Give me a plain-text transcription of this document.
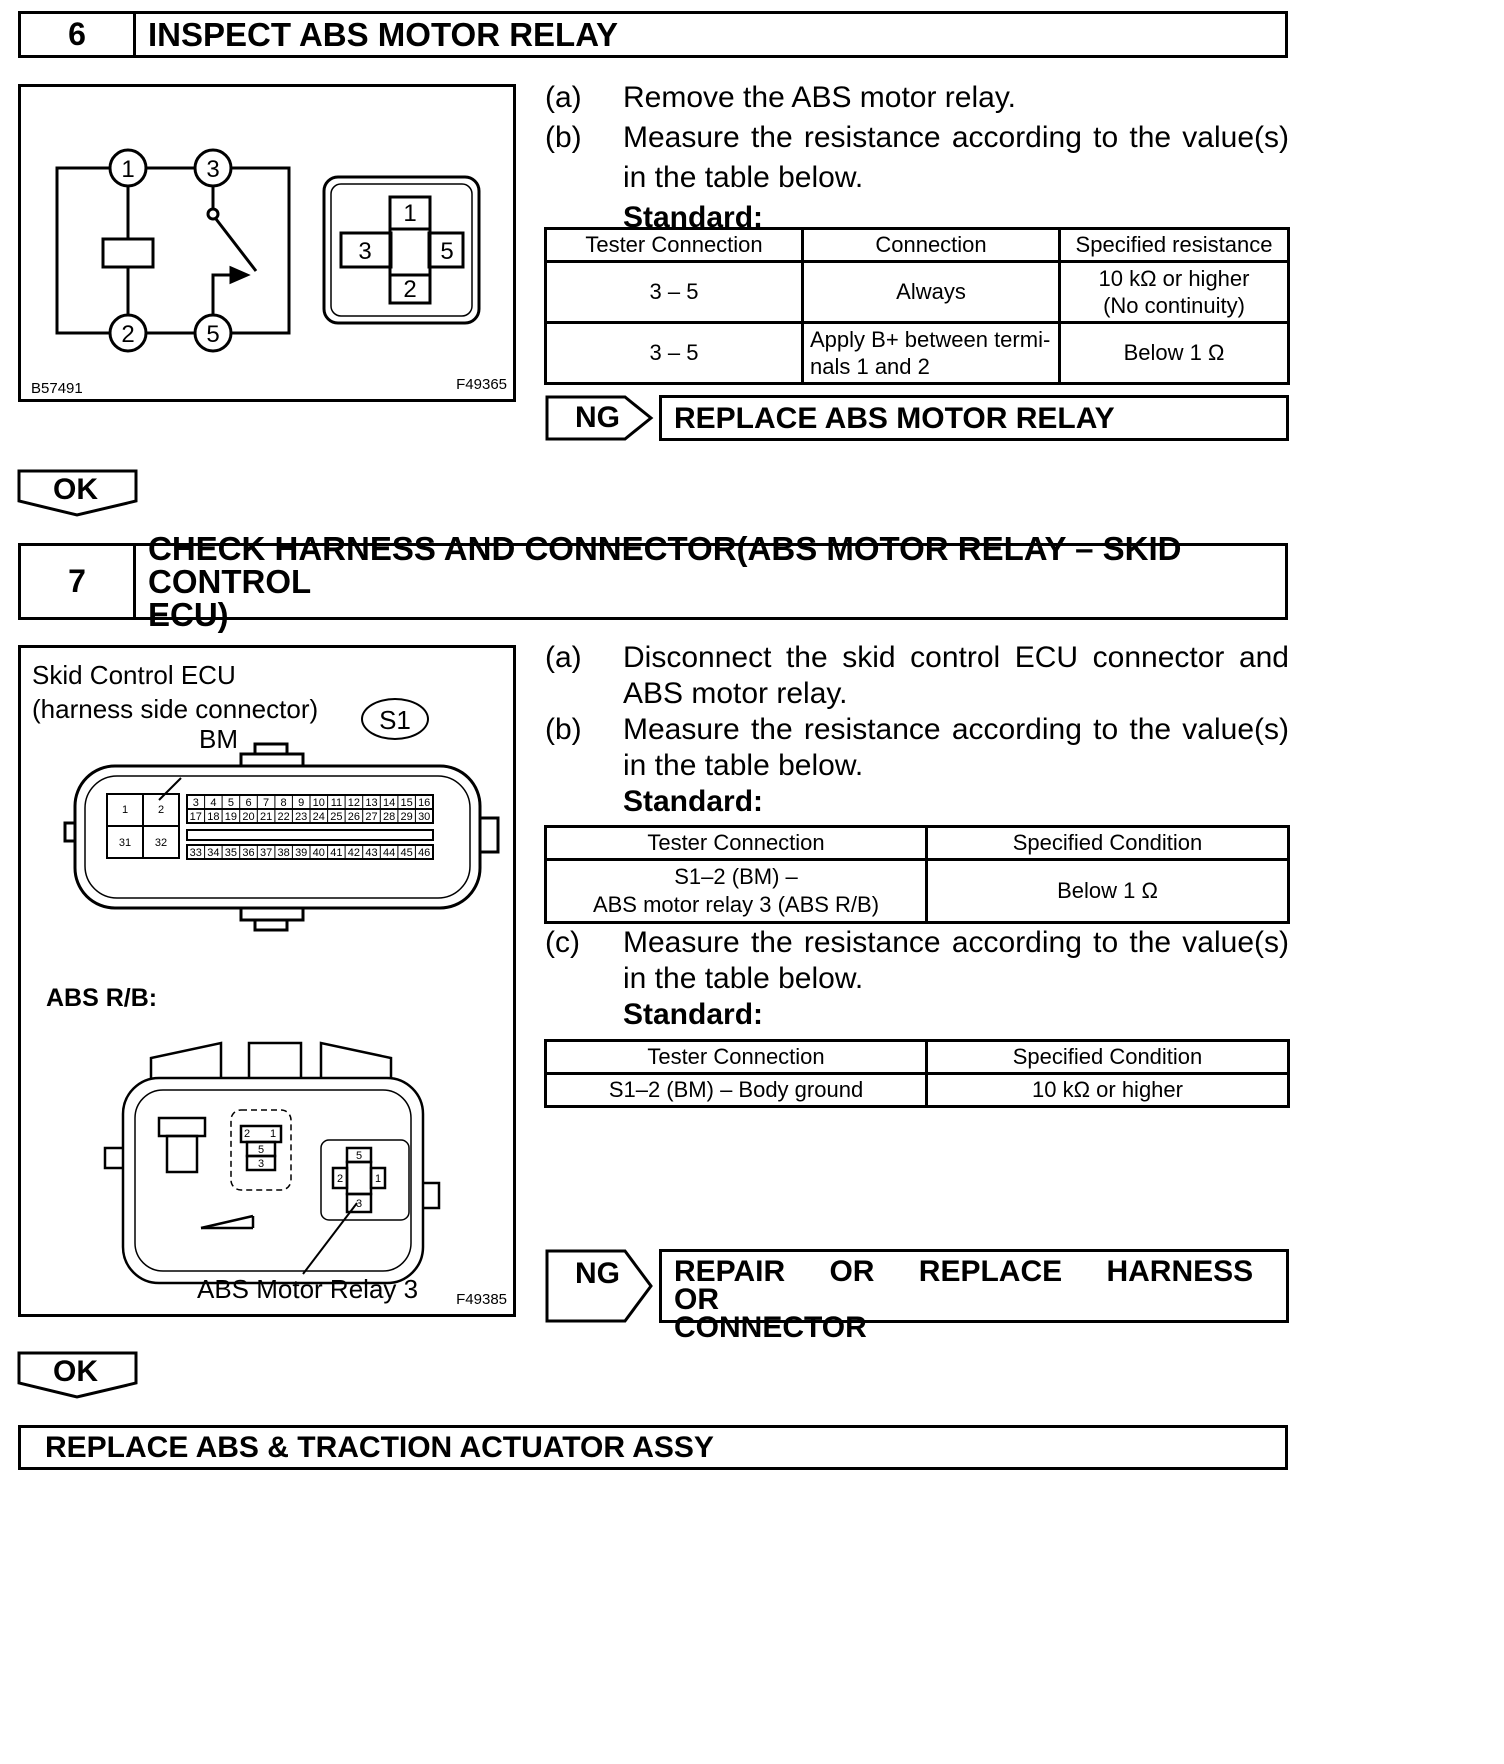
6	INSPECT ABS MOTOR RELAY
1	3
2	5
1
3	5
2
B57491	F49365
(a)	Remove the ABS motor relay.
(b)	Measure the resistance according to the value(s) in the table below.
Standard:
Tester Connection	Connection	Specified resistance
3 – 5	Always	10 kΩ or higher
(No continuity)

3 – 5	Apply B+ between termi-
nals 1 and 2	Below 1 Ω
NG	REPLACE ABS MOTOR RELAY
OK
7
CHECK HARNESS AND CONNECTOR(ABS MOTOR RELAY – SKID CONTROL
ECU)
Skid Control ECU
(harness side connector)	S1
BM
1	2
31 32
3 4 5 6 7 8 9 10 11 12 13 14 15 16
17 18 19 20 21 22 23 24 25 26 27 28 29 30
33 34 35 36 37 38 39 40 41 42 43 44 45 46
ABS R/B:
2 1
5
3
5
2	1
3
ABS Motor Relay 3	F49385
(a)	Disconnect the skid control ECU connector and ABS motor relay.
(b)	Measure the resistance according to the value(s) in the table below.
Standard:
Tester Connection	Specified Condition

S1–2 (BM) –
ABS motor relay 3 (ABS R/B)	Below 1 Ω
(c)	Measure the resistance according to the value(s) in the table below.
Standard:
Tester Connection	Specified Condition
S1–2 (BM) – Body ground	10 kΩ or higher
NG REPAIR OR REPLACE HARNESS OR
CONNECTOR
OK
REPLACE ABS & TRACTION ACTUATOR ASSY
